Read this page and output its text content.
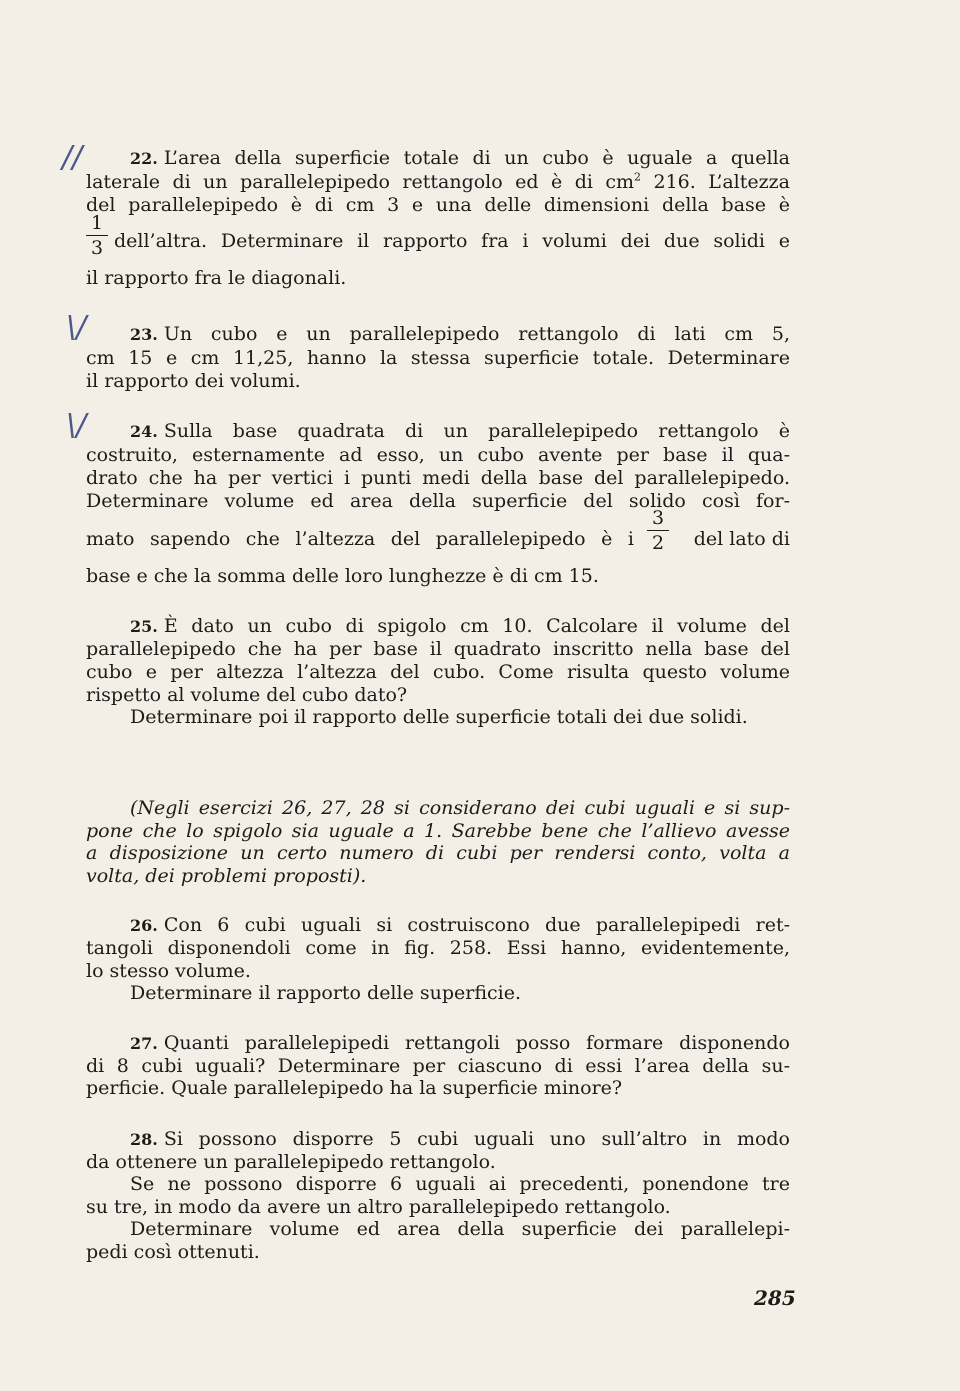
//
\/
\/
22. L’area della superficie totale di un cubo è uguale a quella
laterale di un parallelepipedo rettangolo ed è di $cm^2$ 216. L’altezza
del parallelepipedo è di cm 3 e una delle dimensioni della base è
1
3 dell’altra. Determinare il rapporto fra i volumi dei due solidi e
il rapporto fra le diagonali.
23. Un cubo e un parallelepipedo rettangolo di lati cm 5,
cm 15 e cm 11,25, hanno la stessa superficie totale. Determinare
il rapporto dei volumi.
24. Sulla base quadrata di un parallelepipedo rettangolo è
costruito, esternamente ad esso, un cubo avente per base il qua-
drato che ha per vertici i punti medi della base del parallelepipedo.
Determinare volume ed area della superficie del solido così for-
mato sapendo che l’altezza del parallelepipedo è i
3
2	del lato di
base e che la somma delle loro lunghezze è di cm 15.
25. È dato un cubo di spigolo cm 10. Calcolare il volume del
parallelepipedo che ha per base il quadrato inscritto nella base del
cubo e per altezza l’altezza del cubo. Come risulta questo volume
rispetto al volume del cubo dato?
Determinare poi il rapporto delle superficie totali dei due solidi.
(Negli esercizi 26, 27, 28 si considerano dei cubi uguali e si sup-
pone che lo spigolo sia uguale a 1. Sarebbe bene che l’allievo avesse
a disposizione un certo numero di cubi per rendersi conto, volta a
volta, dei problemi proposti).
26. Con 6 cubi uguali si costruiscono due parallelepipedi ret-
tangoli disponendoli come in fig. 258. Essi hanno, evidentemente,
lo stesso volume.
Determinare il rapporto delle superficie.
27. Quanti parallelepipedi rettangoli posso formare disponendo
di 8 cubi uguali? Determinare per ciascuno di essi l’area della su-
perficie. Quale parallelepipedo ha la superficie minore?
28. Si possono disporre 5 cubi uguali uno sull’altro in modo
da ottenere un parallelepipedo rettangolo.
Se ne possono disporre 6 uguali ai precedenti, ponendone tre
su tre, in modo da avere un altro parallelepipedo rettangolo.
Determinare volume ed area della superficie dei parallelepi-
pedi così ottenuti.
285
